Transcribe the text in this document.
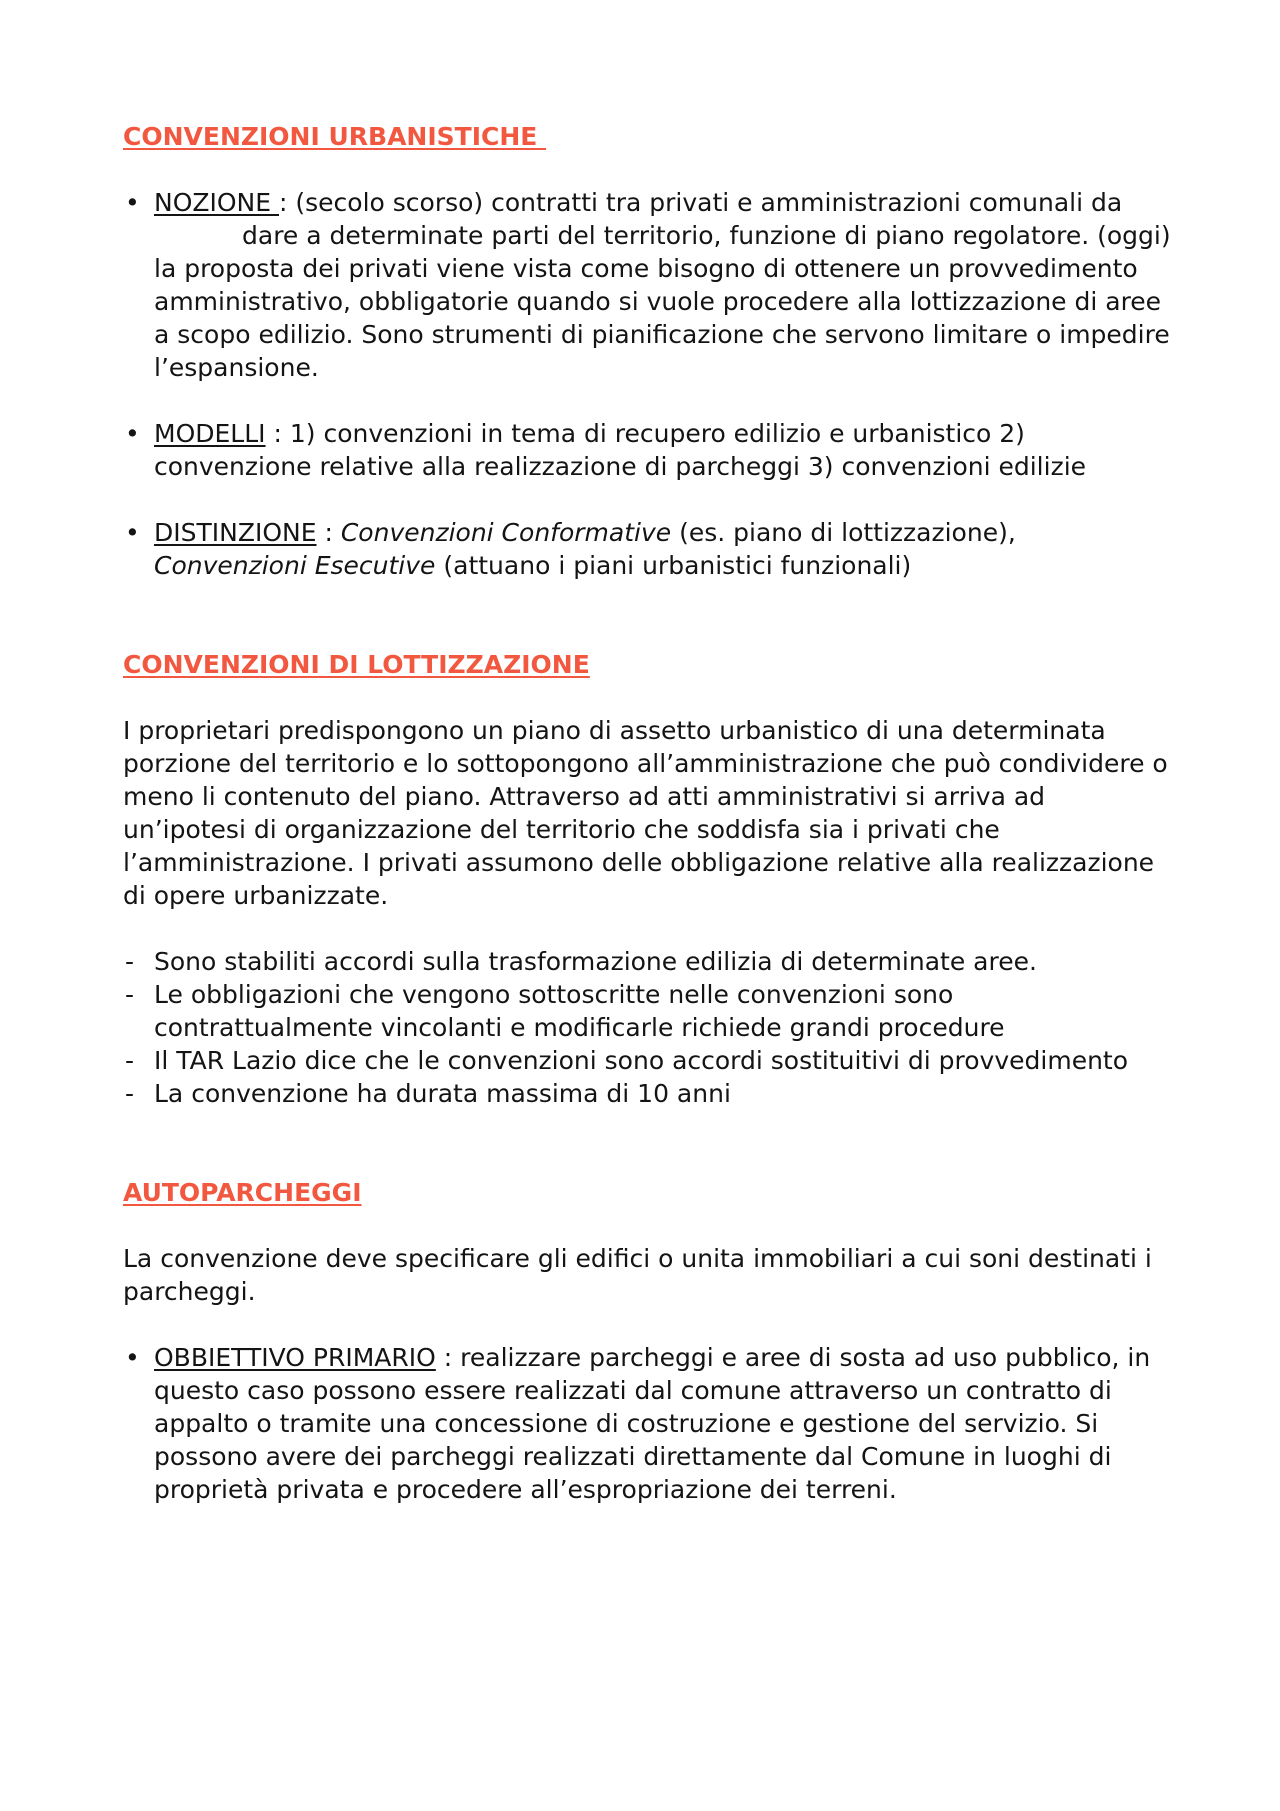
CONVENZIONI URBANISTICHE

• NOZIONE : (secolo scorso) contratti tra privati e amministrazioni comunali dadare a determinate parti del territorio, funzione di piano regolatore. (oggi) la proposta dei privati viene vista come bisogno di ottenere un provvedimento amministrativo, obbligatorie quando si vuole procedere alla lottizzazione di aree a scopo edilizio. Sono strumenti di pianificazione che servono limitare o impedire l’espansione.
• MODELLI : 1) convenzioni in tema di recupero edilizio e urbanistico 2) convenzione relative alla realizzazione di parcheggi 3) convenzioni edilizie
• DISTINZIONE : Convenzioni Conformative (es. piano di lottizzazione), Convenzioni Esecutive (attuano i piani urbanistici funzionali)

CONVENZIONI DI LOTTIZZAZIONE

I proprietari predispongono un piano di assetto urbanistico di una determinata porzione del territorio e lo sottopongono all’amministrazione che può condividere o meno li contenuto del piano. Attraverso ad atti amministrativi si arriva ad un’ipotesi di organizzazione del territorio che soddisfa sia i privati che l’amministrazione. I privati assumono delle obbligazione relative alla realizzazione di opere urbanizzate.

- Sono stabiliti accordi sulla trasformazione edilizia di determinate aree.
- Le obbligazioni che vengono sottoscritte nelle convenzioni sono contrattualmente vincolanti e modificarle richiede grandi procedure
- Il TAR Lazio dice che le convenzioni sono accordi sostituitivi di provvedimento
- La convenzione ha durata massima di 10 anni

AUTOPARCHEGGI

La convenzione deve specificare gli edifici o unita immobiliari a cui soni destinati i parcheggi.

• OBBIETTIVO PRIMARIO : realizzare parcheggi e aree di sosta ad uso pubblico, in questo caso possono essere realizzati dal comune attraverso un contratto di appalto o tramite una concessione di costruzione e gestione del servizio. Si possono avere dei parcheggi realizzati direttamente dal Comune in luoghi di proprietà privata e procedere all’espropriazione dei terreni.
